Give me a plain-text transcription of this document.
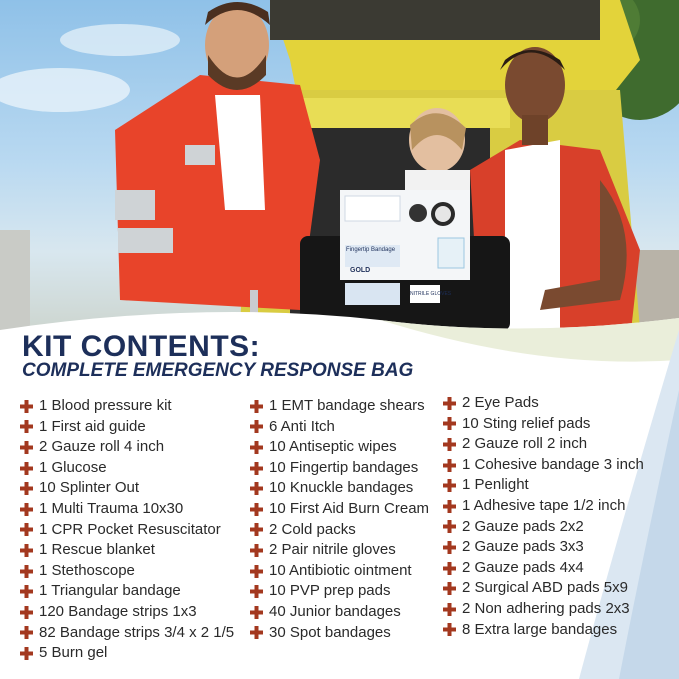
Fingertip Bandage
GOLD
NITRILE GLOVES
KIT CONTENTS:
COMPLETE EMERGENCY RESPONSE BAG
1 Blood pressure kit
1 First aid guide
2 Gauze roll 4 inch
1 Glucose
10 Splinter Out
1 Multi Trauma 10x30
1 CPR Pocket Resuscitator
1 Rescue blanket
1 Stethoscope
1 Triangular bandage
120 Bandage strips 1x3
82 Bandage strips 3/4 x 2 1/5
5 Burn gel
1 EMT bandage shears
6 Anti Itch
10 Antiseptic wipes
10 Fingertip bandages
10 Knuckle bandages
10 First Aid Burn Cream
2 Cold packs
2 Pair nitrile gloves
10 Antibiotic ointment
10 PVP prep pads
40 Junior bandages
30 Spot bandages
2 Eye Pads
10 Sting relief pads
2 Gauze roll 2 inch
1 Cohesive bandage 3 inch
1 Penlight
1 Adhesive tape 1/2 inch
2 Gauze pads 2x2
2 Gauze pads 3x3
2 Gauze pads 4x4
2 Surgical ABD pads 5x9
2 Non adhering pads 2x3
8 Extra large bandages
